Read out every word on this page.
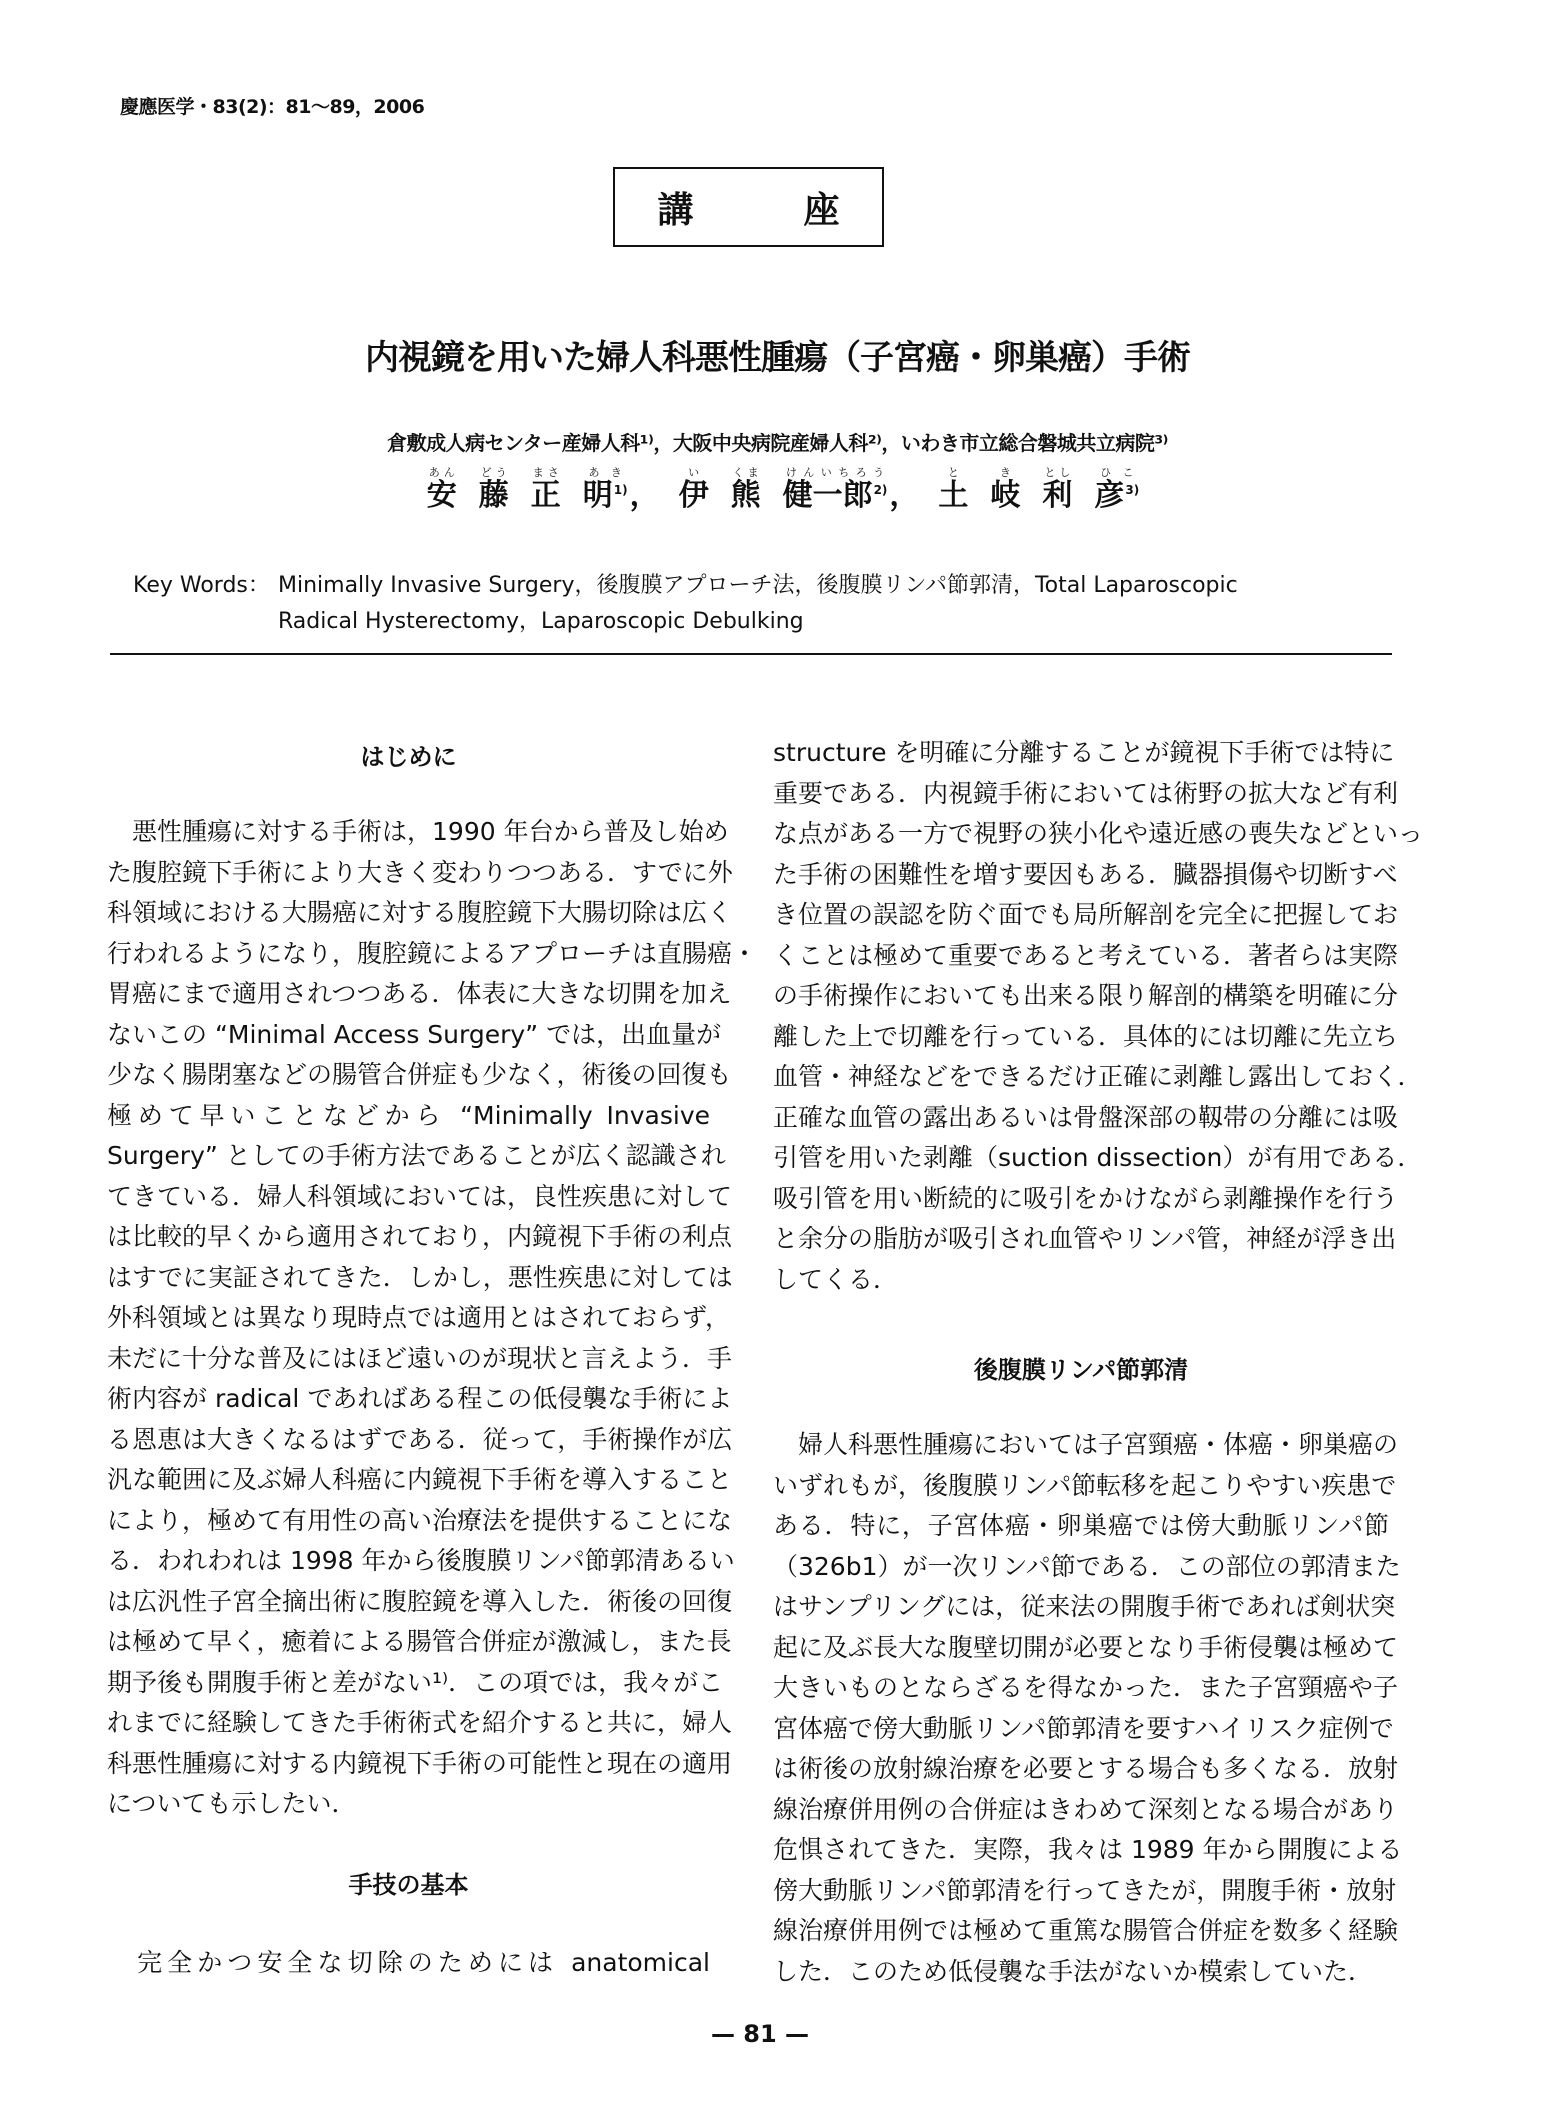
慶應医学・83(2)：81〜89，2006
講	座
内視鏡を用いた婦人科悪性腫瘍（子宮癌・卵巣癌）手術
倉敷成人病センター産婦人科¹⁾，大阪中央病院産婦人科²⁾，いわき市立総合磐城共立病院³⁾
安あん
藤どう
正まさ
明$^{1)}$あき
， 伊い
熊くま
健一郎$^{2)}$けんいちろう
， 土と
岐き
利とし
彦$^{3)}$ひこ
Key Words： Minimally Invasive Surgery，後腹膜アプローチ法，後腹膜リンパ節郭清，Total Laparoscopic
Radical Hysterectomy，Laparoscopic Debulking
はじめに
　悪性腫瘍に対する手術は，1990 年台から普及し始め
た腹腔鏡下手術により大きく変わりつつある．すでに外
科領域における大腸癌に対する腹腔鏡下大腸切除は広く
行われるようになり，腹腔鏡によるアプローチは直腸癌・
胃癌にまで適用されつつある．体表に大きな切開を加え
ないこの “Minimal Access Surgery” では，出血量が
少なく腸閉塞などの腸管合併症も少なく，術後の回復も
極めて早いことなどから “Minimally Invasive
Surgery” としての手術方法であることが広く認識され
てきている．婦人科領域においては，良性疾患に対して
は比較的早くから適用されており，内鏡視下手術の利点
はすでに実証されてきた．しかし，悪性疾患に対しては
外科領域とは異なり現時点では適用とはされておらず，
未だに十分な普及にはほど遠いのが現状と言えよう．手
術内容が radical であればある程この低侵襲な手術によ
る恩恵は大きくなるはずである．従って，手術操作が広
汎な範囲に及ぶ婦人科癌に内鏡視下手術を導入すること
により，極めて有用性の高い治療法を提供することにな
る．われわれは 1998 年から後腹膜リンパ節郭清あるい
は広汎性子宮全摘出術に腹腔鏡を導入した．術後の回復
は極めて早く，癒着による腸管合併症が激減し，また長
期予後も開腹手術と差がない¹⁾．この項では，我々がこ
れまでに経験してきた手術術式を紹介すると共に，婦人
科悪性腫瘍に対する内鏡視下手術の可能性と現在の適用
についても示したい．
手技の基本
　完全かつ安全な切除のためには anatomical
structure を明確に分離することが鏡視下手術では特に
重要である．内視鏡手術においては術野の拡大など有利
な点がある一方で視野の狭小化や遠近感の喪失などといっ
た手術の困難性を増す要因もある．臓器損傷や切断すべ
き位置の誤認を防ぐ面でも局所解剖を完全に把握してお
くことは極めて重要であると考えている．著者らは実際
の手術操作においても出来る限り解剖的構築を明確に分
離した上で切離を行っている．具体的には切離に先立ち
血管・神経などをできるだけ正確に剥離し露出しておく．
正確な血管の露出あるいは骨盤深部の靱帯の分離には吸
引管を用いた剥離（suction dissection）が有用である．
吸引管を用い断続的に吸引をかけながら剥離操作を行う
と余分の脂肪が吸引され血管やリンパ管，神経が浮き出
してくる．
後腹膜リンパ節郭清
　婦人科悪性腫瘍においては子宮頸癌・体癌・卵巣癌の
いずれもが，後腹膜リンパ節転移を起こりやすい疾患で
ある．特に，子宮体癌・卵巣癌では傍大動脈リンパ節
（326b1）が一次リンパ節である．この部位の郭清また
はサンプリングには，従来法の開腹手術であれば剣状突
起に及ぶ長大な腹壁切開が必要となり手術侵襲は極めて
大きいものとならざるを得なかった．また子宮頸癌や子
宮体癌で傍大動脈リンパ節郭清を要すハイリスク症例で
は術後の放射線治療を必要とする場合も多くなる．放射
線治療併用例の合併症はきわめて深刻となる場合があり
危惧されてきた．実際，我々は 1989 年から開腹による
傍大動脈リンパ節郭清を行ってきたが，開腹手術・放射
線治療併用例では極めて重篤な腸管合併症を数多く経験
した．このため低侵襲な手法がないか模索していた．
— 81 —
